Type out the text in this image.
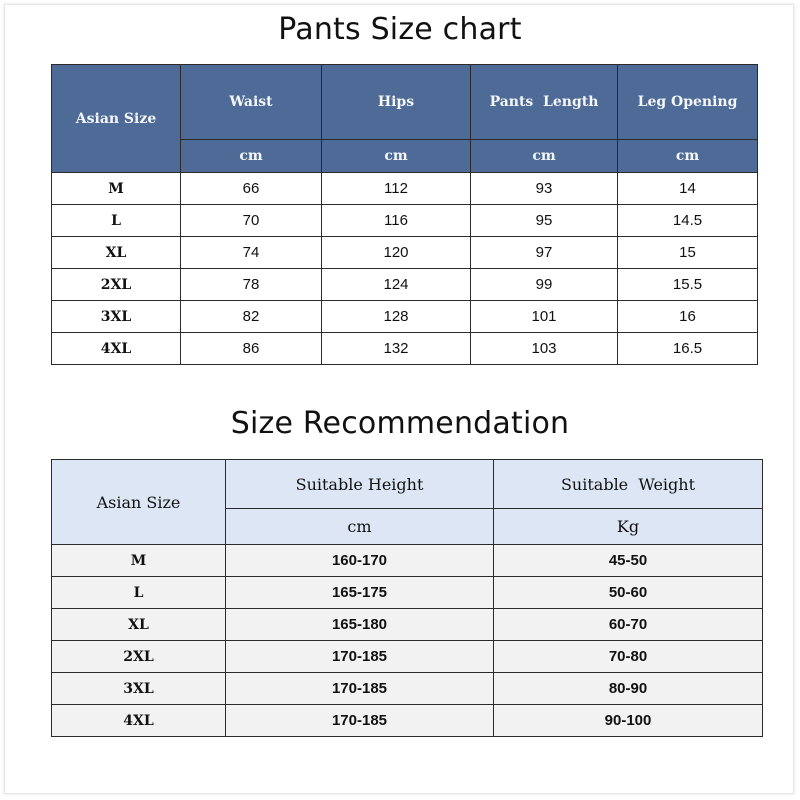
Pants Size chart
Asian Size	Waist	Hips	Pants  Length	Leg Opening
	cm	cm	cm	cm
M	66	112	93	14
L	70	116	95	14.5
XL	74	120	97	15
2XL	78	124	99	15.5
3XL	82	128	101	16
4XL	86	132	103	16.5
Size Recommendation
Asian Size	Suitable Height	Suitable  Weight
	cm	Kg
M	160-170	45-50
L	165-175	50-60
XL	165-180	60-70
2XL	170-185	70-80
3XL	170-185	80-90
4XL	170-185	90-100
